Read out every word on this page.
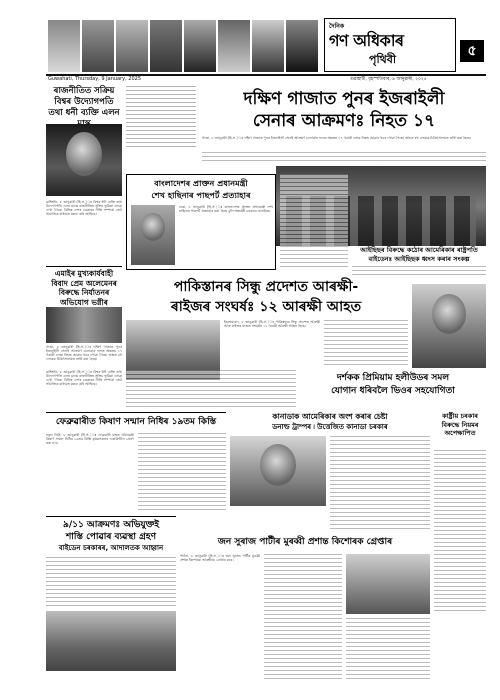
দৈনিক
গণ অধিকাৰ
পৃথিবী
৫
Guwahati, Thursday, 9 January, 2025	গুৱাহাটী, বৃহস্পতিবাৰ, ৯ জানুৱাৰী, ২০২৫
ৰাজনীতিত সক্ৰিয় বিশ্বৰ উদ্যোগপতি তথা ধনী ব্যক্তি এলন
ৱাশ্বিংটন, ৮ জানুৱাৰী (হি.স.)ঃ বিশ্বৰ ধনী ব্যক্তি তথা উদ্যোগপতি এলন মাস্কে ৰাজনীতিত সক্ৰিয় ভূমিকা লোৱা দেখা গৈছে। বিভিন্ন দেশৰ চৰকাৰৰ নীতি সম্পৰ্কে তেওঁ সামাজিক মাধ্যমত মন্তব্য কৰি আহিছে।
এমাইৰ মুখ্যকাৰ্যবাহী বিবাদ প্ৰেম অলেমেনৰ বিৰুদ্ধে নিৰ্যাতনৰ অভিযোগ ভগ্নীৰ
গাজা, ৮ জানুৱাৰী (হি.স.)ঃ দক্ষিণ গাজাত পুনৰ ইজৰাইলী সেনাই আক্ৰমণ চলোৱাৰ ফলত অন্ততঃ ১৭ গৰাকী লোক নিহত হোৱাৰ খবৰ পোৱা গৈছে। আহত বহু লোকক চিকিৎসালয়ত ভৰ্তি কৰা হৈছে।
দক্ষিণ গাজাত পুনৰ ইজৰাইলী
সেনাৰ আক্ৰমণঃ নিহত ১৭
গাজা, ৮ জানুৱাৰী (হি.স.)ঃ দক্ষিণ গাজাত পুনৰ ইজৰাইলী সেনাই আক্ৰমণ চলোৱাৰ ফলত অন্ততঃ ১৭ গৰাকী লোক নিহত হোৱাৰ খবৰ পোৱা গৈছে। আহত বহু লোকক চিকিৎসালয়ত ভৰ্তি কৰা হৈছে।
বাংলাদেশৰ প্ৰাক্তন প্ৰধানমন্ত্ৰী
শেখ হাছিনাৰ পাছপৰ্ট প্ৰত্যাহাৰ
ঢাকা, ৮ জানুৱাৰী (হি.স.)ঃ বাংলাদেশৰ প্ৰাক্তন প্ৰধানমন্ত্ৰী শেখ হাছিনাৰ পাছপৰ্ট প্ৰত্যাহাৰ কৰা হৈছে বুলি অন্তৰ্বৰ্তী চৰকাৰে জনাইছে।
আইছিছৰ বিৰুদ্ধে কঠোৰ আমেৰিকাৰ ৰাষ্ট্ৰপতি
বাইডেনঃ আইছিছক ধ্বংস কৰাৰ সংকল্প
পাকিস্তানৰ সিন্ধু প্ৰদেশত আৰক্ষী-
ৰাইজৰ সংঘৰ্ষঃ ১২ আৰক্ষী আহত
ইছলামাবাদ, ৮ জানুৱাৰী (হি.স.)ঃ পাকিস্তানৰ সিন্ধু প্ৰদেশত আৰক্ষী আৰু ৰাইজৰ মাজত সংঘৰ্ষত ১২ গৰাকী আৰক্ষী আহত হৈছে।
ৱাশ্বিংটন, ৮ জানুৱাৰী (হি.স.)ঃ বিশ্বৰ ধনী ব্যক্তি তথা উদ্যোগপতি এলন মাস্কে ৰাজনীতিত সক্ৰিয় ভূমিকা লোৱা দেখা গৈছে। বিভিন্ন দেশৰ চৰকাৰৰ নীতি সম্পৰ্কে তেওঁ সামাজিক মাধ্যমত মন্তব্য কৰি আহিছে।
দৰ্শকক প্ৰিমিয়াম হলীউডৰ সমল
যোগান ধৰিবলৈ ভিওৰ সহযোগিতা
ফেব্ৰুৱাৰীত কিষাণ সন্মান নিধিৰ ১৯তম কিস্তি
নতুন দিল্লী, ৮ জানুৱাৰী (হি.স.)ঃ ফেব্ৰুৱাৰী মাহত প্ৰধানমন্ত্ৰী কিষাণ সন্মান নিধিৰ ১৯তম কিস্তি কৃষকসকলৰ একাউণ্টলৈ প্ৰেৰণ কৰা হ'ব।
কানাডাক আমেৰিকাৰ অংশ কৰাৰ চেষ্টা
ডনাল্ড ট্ৰাম্পৰ ৷ উত্তেজিত কানাডা চৰকাৰ
কাষ্ট্ৰীয় চৰকাৰ বিৰুদ্ধে নিয়মৰ অপেক্ষাপিত
৯/১১ আক্ৰমণঃ অভিযুক্তই
শাস্তি পোৱাৰ ব্যৱস্থা গ্ৰহণ
বাইডেন চৰকাৰৰ, আদালতক আহ্বান
জন সুৰাজ পাৰ্টীৰ মুৰব্বী প্ৰশান্ত কিশোৰক গ্ৰেপ্তাৰ
পাটনা, ৮ জানুৱাৰী (হি.স.)ঃ জন সুৰাজ পাৰ্টীৰ মুৰব্বী প্ৰশান্ত কিশোৰক আৰক্ষীয়ে গ্ৰেপ্তাৰ কৰে।
